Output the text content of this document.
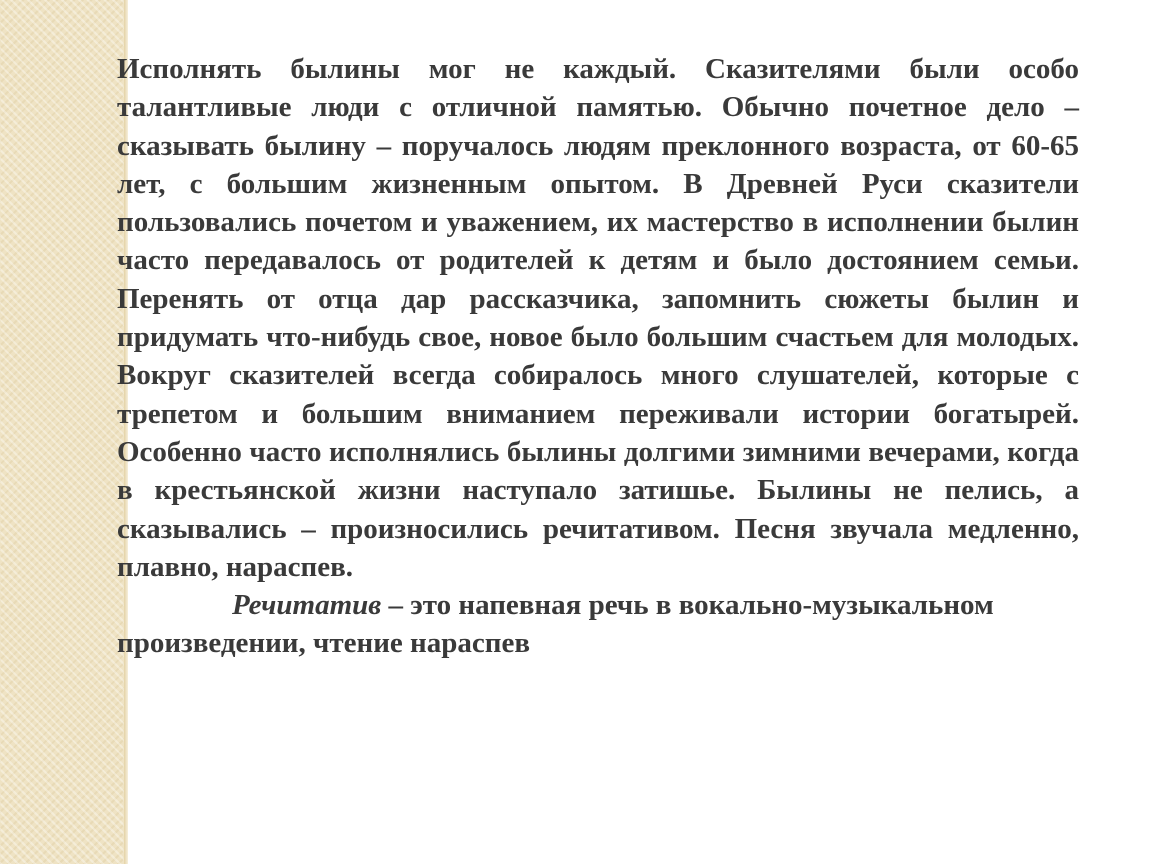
Исполнять былины мог не каждый. Сказителями были особо талантливые люди с отличной памятью. Обычно почетное дело – сказывать былину – поручалось людям преклонного возраста, от 60-65 лет, с большим жизненным опытом. В Древней Руси сказители пользовались почетом и уважением, их мастерство в исполнении былин часто передавалось от родителей к детям и было достоянием семьи. Перенять от отца дар рассказчика, запомнить сюжеты былин и придумать что-нибудь свое, новое было большим счастьем для молодых. Вокруг сказителей всегда собиралось много слушателей, которые с трепетом и большим вниманием переживали истории богатырей. Особенно часто исполнялись былины долгими зимними вечерами, когда в крестьянской жизни наступало затишье. Былины не пелись, а сказывались – произносились речитативом. Песня звучала медленно, плавно, нараспев.

Речитатив – это напевная речь в вокально-музыкальном произведении, чтение нараспев
